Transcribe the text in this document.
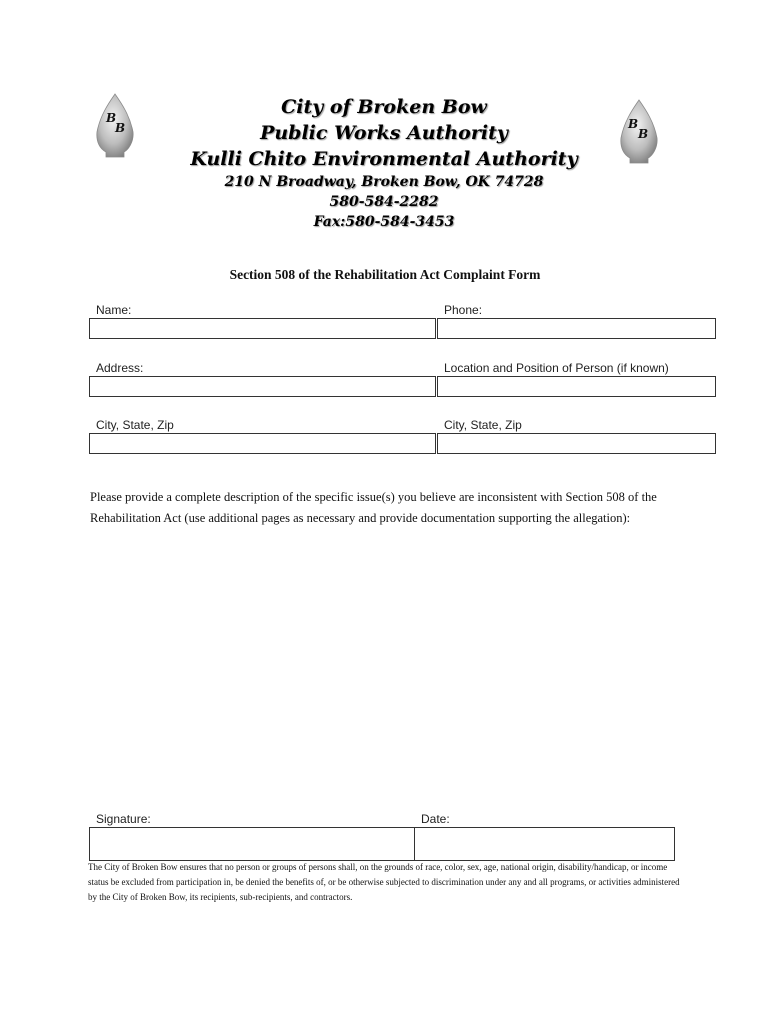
B
B	B
B
City of Broken Bow
Public Works Authority
Kulli Chito Environmental Authority
210 N Broadway, Broken Bow, OK 74728
580-584-2282
Fax:580-584-3453
Section 508 of the Rehabilitation Act Complaint Form
Name:	Phone:
Address:	Location and Position of Person (if known)
City, State, Zip	City, State, Zip
Please provide a complete description of the specific issue(s) you believe are inconsistent with Section 508 of the Rehabilitation Act (use additional pages as necessary and provide documentation supporting the allegation):
Signature:	Date:
The City of Broken Bow ensures that no person or groups of persons shall, on the grounds of race, color, sex, age, national origin, disability/handicap, or income status be excluded from participation in, be denied the benefits of, or be otherwise subjected to discrimination under any and all programs, or activities administered by the City of Broken Bow, its recipients, sub-recipients, and contractors.
